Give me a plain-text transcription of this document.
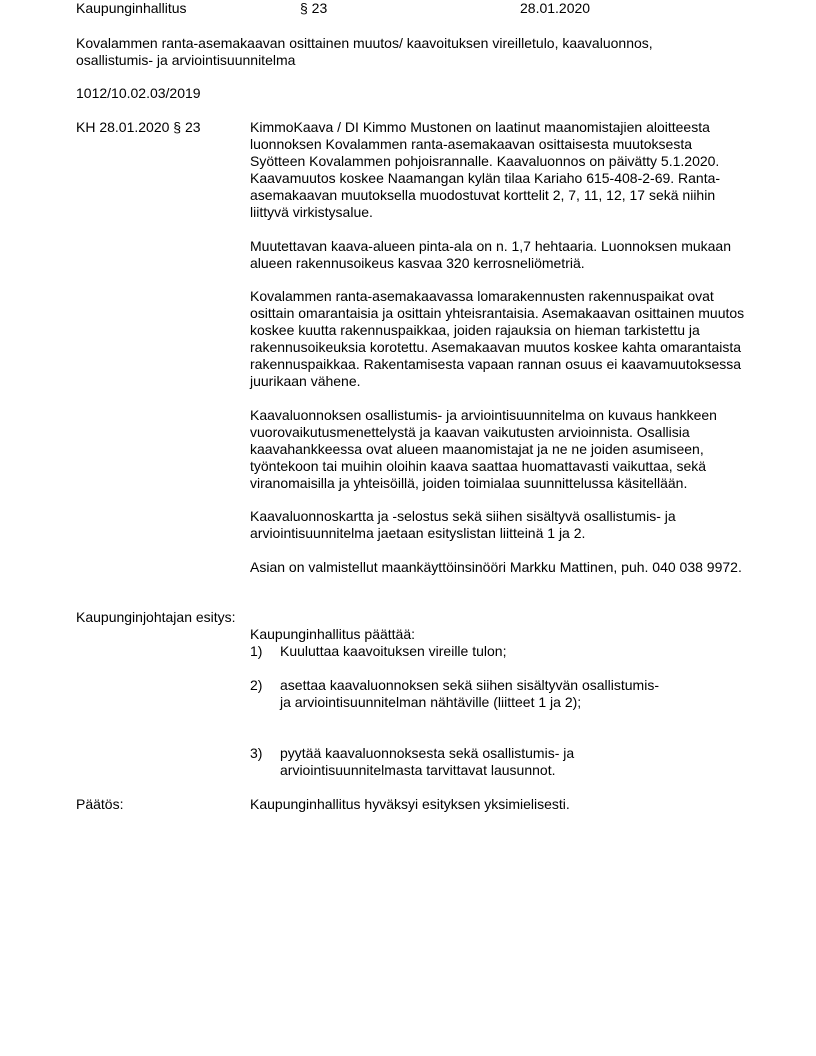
Kaupunginhallitus	§ 23	28.01.2020
Kovalammen ranta-asemakaavan osittainen muutos/ kaavoituksen vireilletulo, kaavaluonnos, osallistumis- ja arviointisuunnitelma
1012/10.02.03/2019
KH 28.01.2020 § 23	KimmoKaava / DI Kimmo Mustonen on laatinut maanomistajien aloitteesta luonnoksen Kovalammen ranta-asemakaavan osittaisesta muutoksesta Syötteen Kovalammen pohjoisrannalle. Kaavaluonnos on päivätty 5.1.2020. Kaavamuutos koskee Naamangan kylän tilaa Kariaho 615-408-2-69. Ranta-asemakaavan muutoksella muodostuvat korttelit 2, 7, 11, 12, 17 sekä niihin liittyvä virkistysalue.

Muutettavan kaava-alueen pinta-ala on n. 1,7 hehtaaria. Luonnoksen mukaan alueen rakennusoikeus kasvaa 320 kerrosneliömetriä.

Kovalammen ranta-asemakaavassa lomarakennusten rakennuspaikat ovat osittain omarantaisia ja osittain yhteisrantaisia. Asemakaavan osittainen muutos koskee kuutta rakennuspaikkaa, joiden rajauksia on hieman tarkistettu ja rakennusoikeuksia korotettu. Asemakaavan muutos koskee kahta omarantaista rakennuspaikkaa. Rakentamisesta vapaan rannan osuus ei kaavamuutoksessa juurikaan vähene.

Kaavaluonnoksen osallistumis- ja arviointisuunnitelma on kuvaus hankkeen vuorovaikutusmenettelystä ja kaavan vaikutusten arvioinnista. Osallisia kaavahankkeessa ovat alueen maanomistajat ja ne ne joiden asumiseen, työntekoon tai muihin oloihin kaava saattaa huomattavasti vaikuttaa, sekä viranomaisilla ja yhteisöillä, joiden toimialaa suunnittelussa käsitellään.

Kaavaluonnoskartta ja -selostus sekä siihen sisältyvä osallistumis- ja arviointisuunnitelma jaetaan esityslistan liitteinä 1 ja 2.

Asian on valmistellut maankäyttöinsinööri Markku Mattinen, puh. 040 038 9972.

Kaupunginjohtajan esitys:
Kaupunginhallitus päättää:
1) Kuuluttaa kaavoituksen vireille tulon;
2) asettaa kaavaluonnoksen sekä siihen sisältyvän osallistumis- ja arviointisuunnitelman nähtäville (liitteet 1 ja 2);
3) pyytää kaavaluonnoksesta sekä osallistumis- ja arviointisuunnitelmasta tarvittavat lausunnot.
Päätös:	Kaupunginhallitus hyväksyi esityksen yksimielisesti.
